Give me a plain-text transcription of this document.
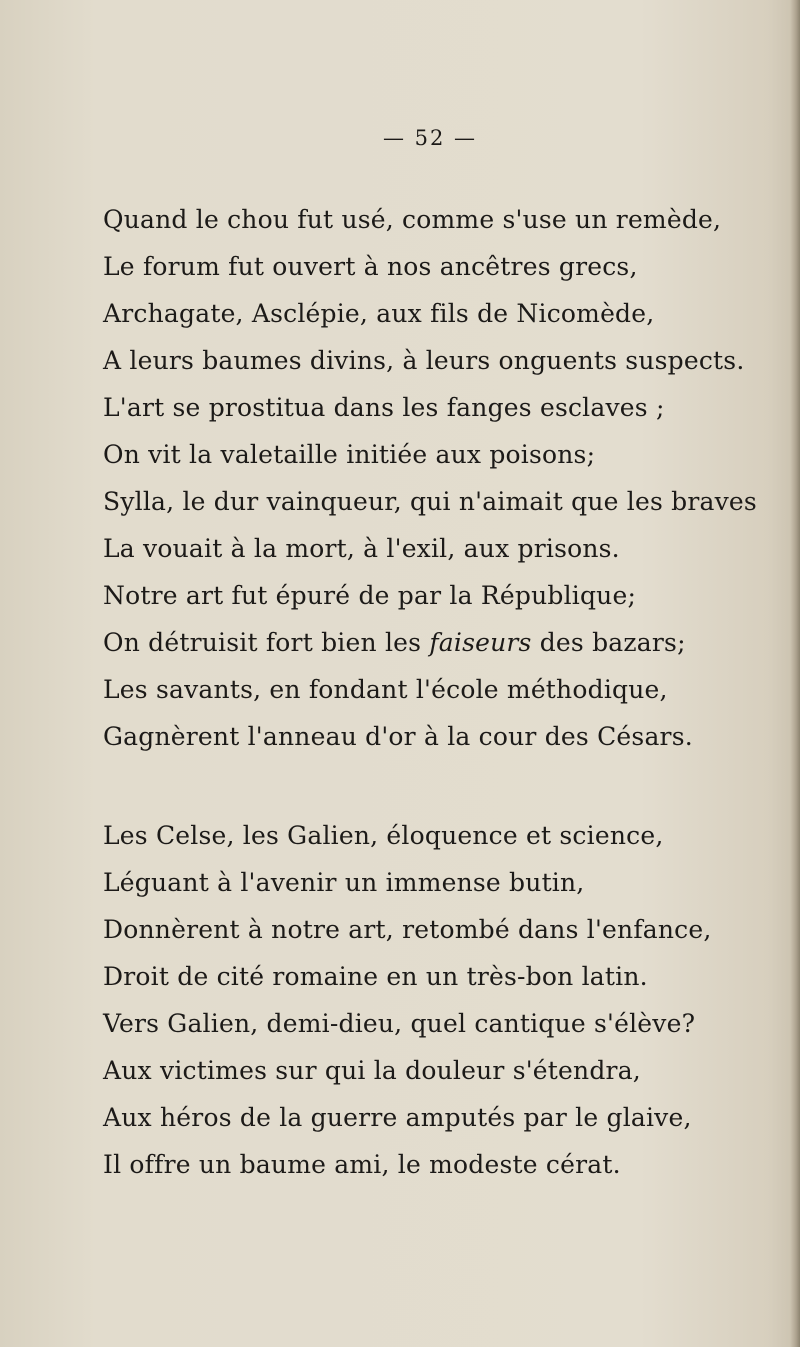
— 52 —
Quand le chou fut usé, comme s'use un remède,
Le forum fut ouvert à nos ancêtres grecs,
Archagate, Asclépie, aux fils de Nicomède,
A leurs baumes divins, à leurs onguents suspects.
L'art se prostitua dans les fanges esclaves ;
On vit la valetaille initiée aux poisons;
Sylla, le dur vainqueur, qui n'aimait que les braves
La vouait à la mort, à l'exil, aux prisons.
Notre art fut épuré de par la République;
On détruisit fort bien les faiseurs des bazars;
Les savants, en fondant l'école méthodique,
Gagnèrent l'anneau d'or à la cour des Césars.
Les Celse, les Galien, éloquence et science,
Léguant à l'avenir un immense butin,
Donnèrent à notre art, retombé dans l'enfance,
Droit de cité romaine en un très-bon latin.
Vers Galien, demi-dieu, quel cantique s'élève?
Aux victimes sur qui la douleur s'étendra,
Aux héros de la guerre amputés par le glaive,
Il offre un baume ami, le modeste cérat.
